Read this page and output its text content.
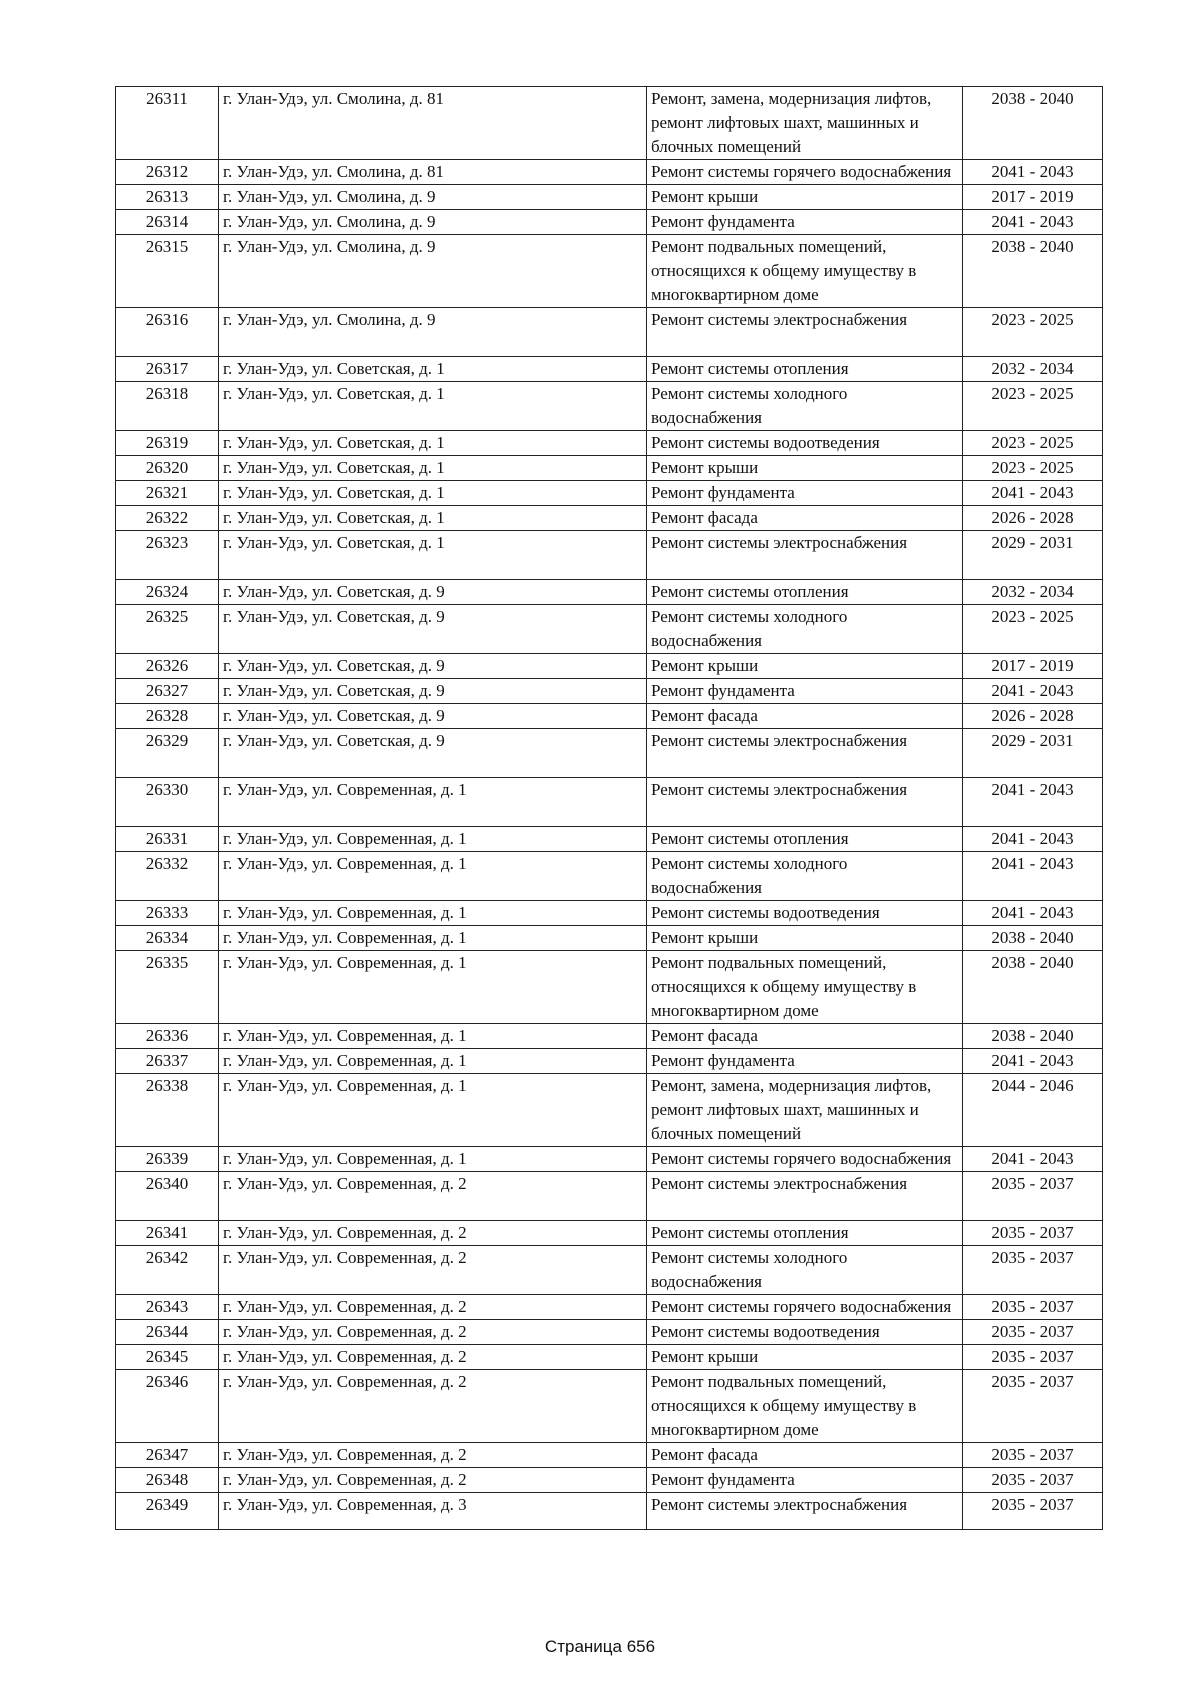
26311	г. Улан-Удэ, ул. Смолина, д. 81	Ремонт, замена, модернизация лифтов, ремонт лифтовых шахт, машинных и блочных помещений	2038 - 2040
26312	г. Улан-Удэ, ул. Смолина, д. 81	Ремонт системы горячего водоснабжения	2041 - 2043
26313	г. Улан-Удэ, ул. Смолина, д. 9	Ремонт крыши	2017 - 2019
26314	г. Улан-Удэ, ул. Смолина, д. 9	Ремонт фундамента	2041 - 2043
26315	г. Улан-Удэ, ул. Смолина, д. 9	Ремонт подвальных помещений, относящихся к общему имуществу в многоквартирном доме	2038 - 2040
26316	г. Улан-Удэ, ул. Смолина, д. 9	Ремонт системы электроснабжения	2023 - 2025
26317	г. Улан-Удэ, ул. Советская, д. 1	Ремонт системы отопления	2032 - 2034
26318	г. Улан-Удэ, ул. Советская, д. 1	Ремонт системы холодного водоснабжения	2023 - 2025
26319	г. Улан-Удэ, ул. Советская, д. 1	Ремонт системы водоотведения	2023 - 2025
26320	г. Улан-Удэ, ул. Советская, д. 1	Ремонт крыши	2023 - 2025
26321	г. Улан-Удэ, ул. Советская, д. 1	Ремонт фундамента	2041 - 2043
26322	г. Улан-Удэ, ул. Советская, д. 1	Ремонт фасада	2026 - 2028
26323	г. Улан-Удэ, ул. Советская, д. 1	Ремонт системы электроснабжения	2029 - 2031
26324	г. Улан-Удэ, ул. Советская, д. 9	Ремонт системы отопления	2032 - 2034
26325	г. Улан-Удэ, ул. Советская, д. 9	Ремонт системы холодного водоснабжения	2023 - 2025
26326	г. Улан-Удэ, ул. Советская, д. 9	Ремонт крыши	2017 - 2019
26327	г. Улан-Удэ, ул. Советская, д. 9	Ремонт фундамента	2041 - 2043
26328	г. Улан-Удэ, ул. Советская, д. 9	Ремонт фасада	2026 - 2028
26329	г. Улан-Удэ, ул. Советская, д. 9	Ремонт системы электроснабжения	2029 - 2031
26330	г. Улан-Удэ, ул. Современная, д. 1	Ремонт системы электроснабжения	2041 - 2043
26331	г. Улан-Удэ, ул. Современная, д. 1	Ремонт системы отопления	2041 - 2043
26332	г. Улан-Удэ, ул. Современная, д. 1	Ремонт системы холодного водоснабжения	2041 - 2043
26333	г. Улан-Удэ, ул. Современная, д. 1	Ремонт системы водоотведения	2041 - 2043
26334	г. Улан-Удэ, ул. Современная, д. 1	Ремонт крыши	2038 - 2040
26335	г. Улан-Удэ, ул. Современная, д. 1	Ремонт подвальных помещений, относящихся к общему имуществу в многоквартирном доме	2038 - 2040
26336	г. Улан-Удэ, ул. Современная, д. 1	Ремонт фасада	2038 - 2040
26337	г. Улан-Удэ, ул. Современная, д. 1	Ремонт фундамента	2041 - 2043
26338	г. Улан-Удэ, ул. Современная, д. 1	Ремонт, замена, модернизация лифтов, ремонт лифтовых шахт, машинных и блочных помещений	2044 - 2046
26339	г. Улан-Удэ, ул. Современная, д. 1	Ремонт системы горячего водоснабжения	2041 - 2043
26340	г. Улан-Удэ, ул. Современная, д. 2	Ремонт системы электроснабжения	2035 - 2037
26341	г. Улан-Удэ, ул. Современная, д. 2	Ремонт системы отопления	2035 - 2037
26342	г. Улан-Удэ, ул. Современная, д. 2	Ремонт системы холодного водоснабжения	2035 - 2037
26343	г. Улан-Удэ, ул. Современная, д. 2	Ремонт системы горячего водоснабжения	2035 - 2037
26344	г. Улан-Удэ, ул. Современная, д. 2	Ремонт системы водоотведения	2035 - 2037
26345	г. Улан-Удэ, ул. Современная, д. 2	Ремонт крыши	2035 - 2037
26346	г. Улан-Удэ, ул. Современная, д. 2	Ремонт подвальных помещений, относящихся к общему имуществу в многоквартирном доме	2035 - 2037
26347	г. Улан-Удэ, ул. Современная, д. 2	Ремонт фасада	2035 - 2037
26348	г. Улан-Удэ, ул. Современная, д. 2	Ремонт фундамента	2035 - 2037
26349	г. Улан-Удэ, ул. Современная, д. 3	Ремонт системы электроснабжения	2035 - 2037
Страница 656
